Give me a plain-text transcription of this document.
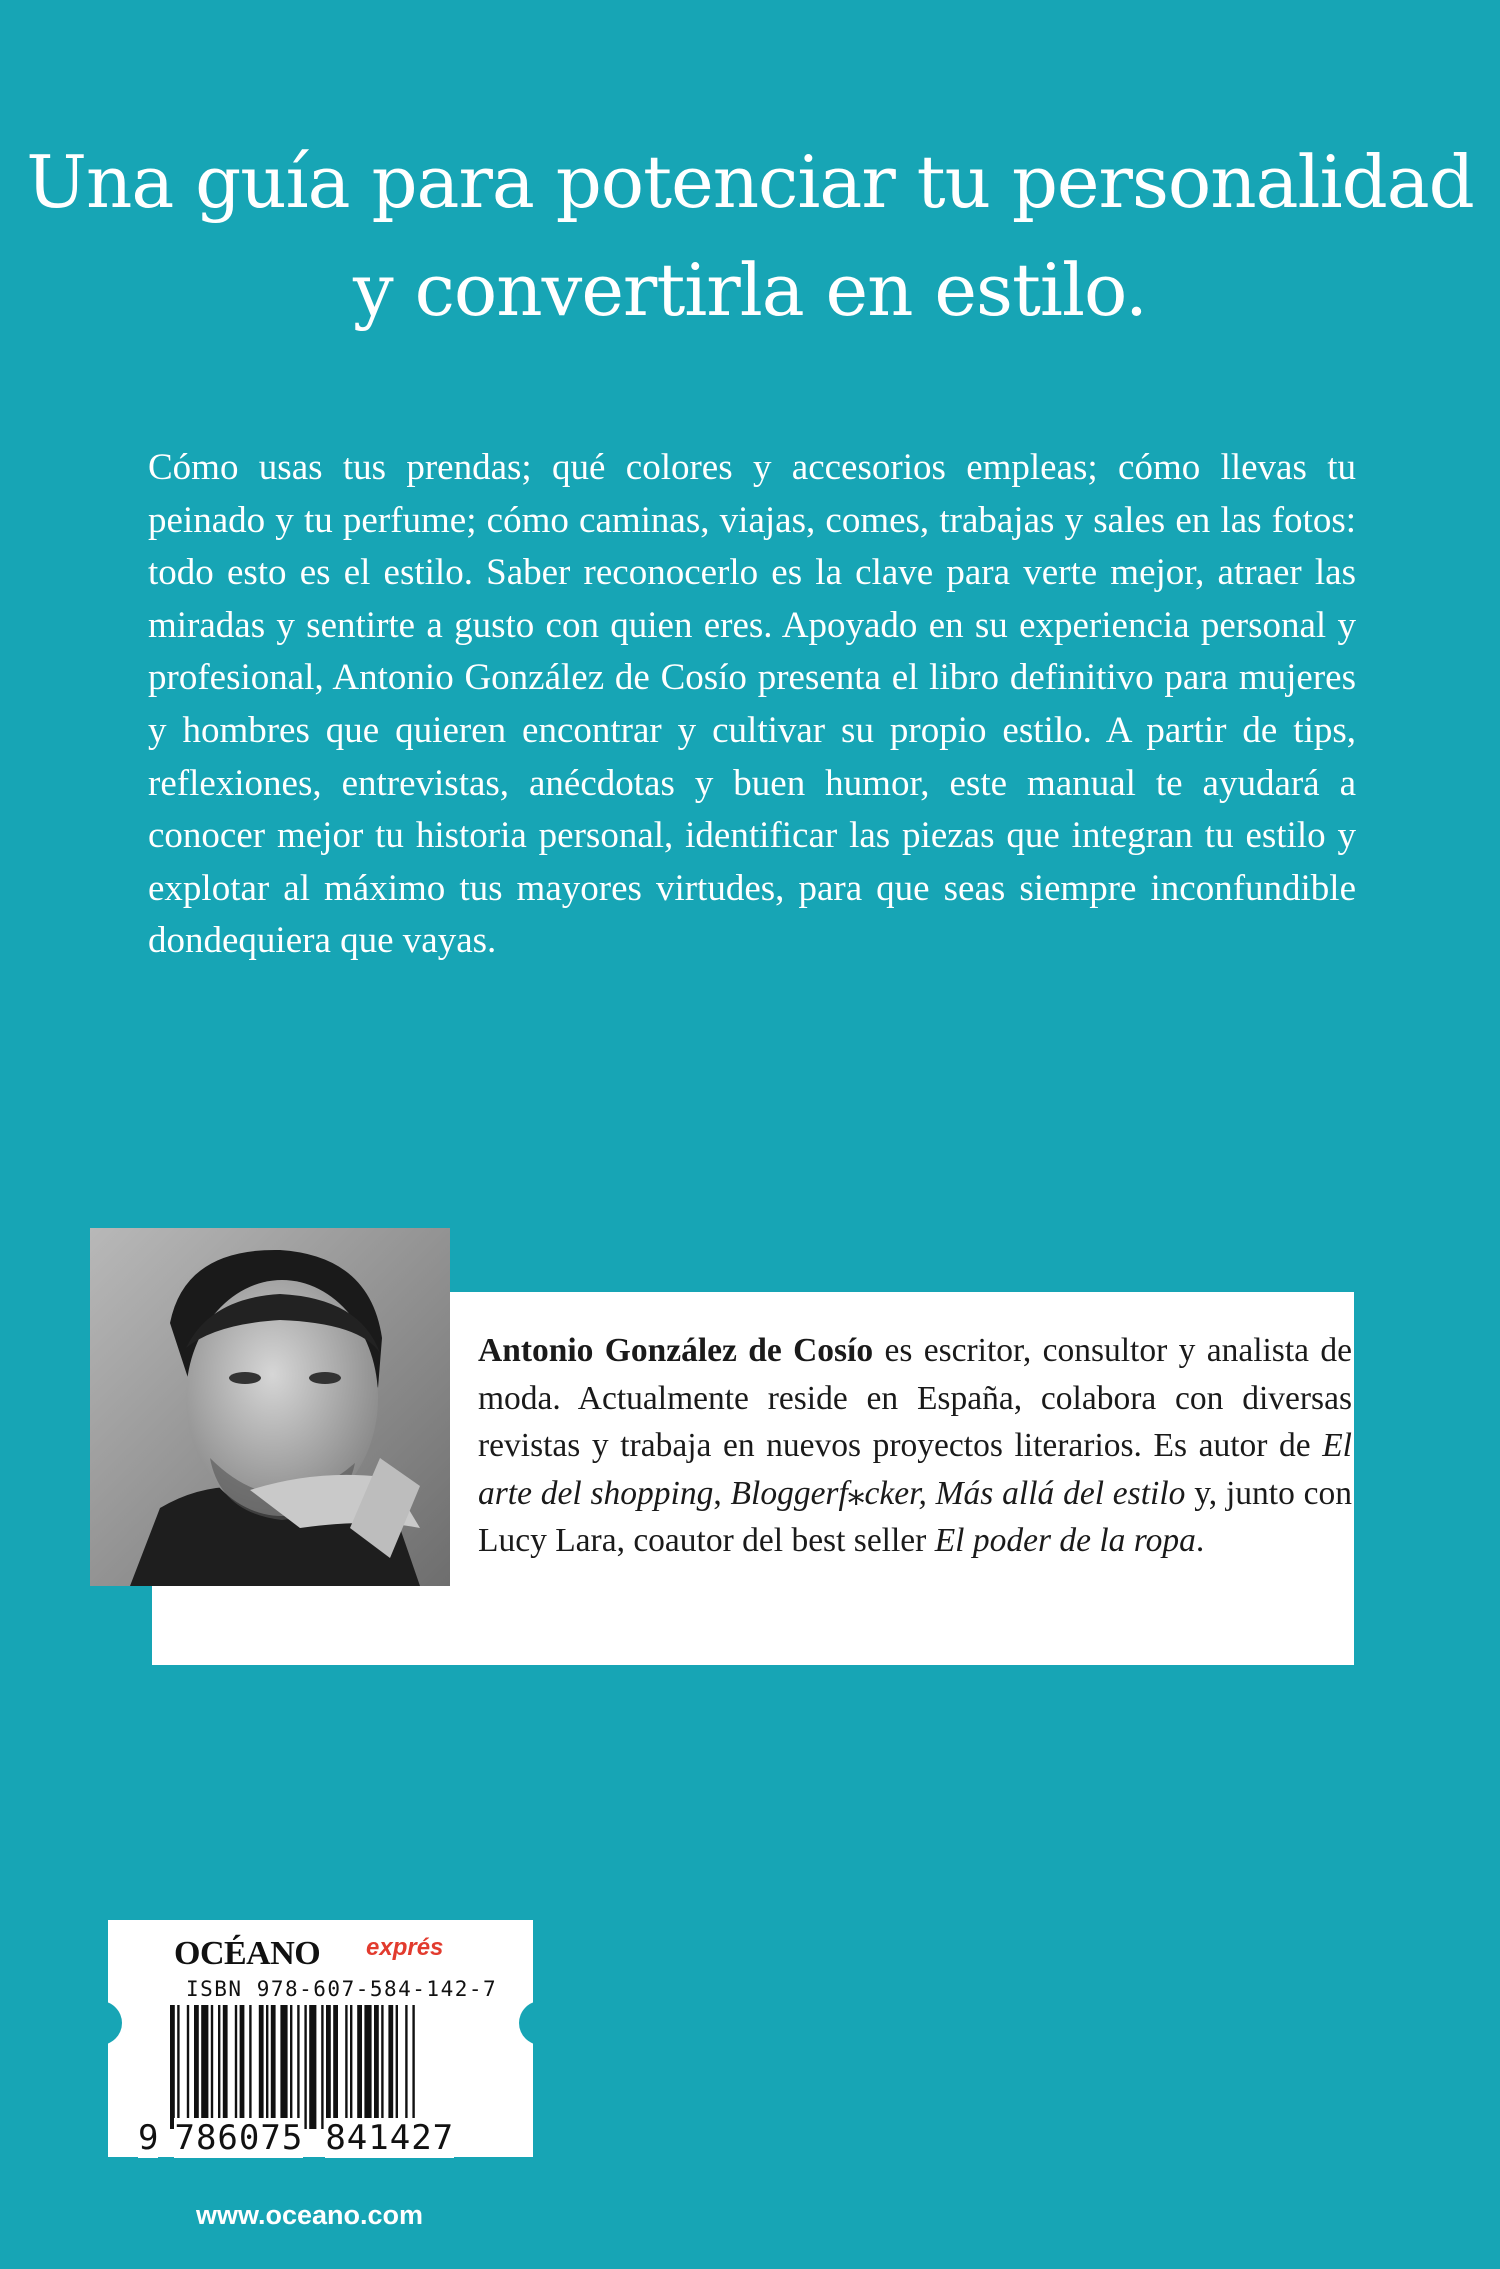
Una guía para potenciar tu personalidad
y convertirla en estilo.

Cómo usas tus prendas; qué colores y accesorios empleas; cómo llevas tu peinado y tu perfume; cómo caminas, viajas, comes, trabajas y sales en las fotos: todo esto es el estilo. Saber reconocerlo es la clave para verte mejor, atraer las miradas y sentirte a gusto con quien eres. Apoyado en su experiencia personal y profesional, Antonio González de Cosío presenta el libro definitivo para mujeres y hombres que quieren encontrar y cultivar su propio estilo. A partir de tips, reflexiones, entrevistas, anécdotas y buen humor, este manual te ayudará a conocer mejor tu historia personal, identificar las piezas que integran tu estilo y explotar al máximo tus mayores virtudes, para que seas siempre inconfundible dondequiera que vayas.

Antonio González de Cosío es escritor, consultor y analista de moda. Actualmente reside en España, colabora con diversas revistas y trabaja en nuevos proyectos literarios. Es autor de El arte del shopping, Bloggerf⁎cker, Más allá del estilo y, junto con Lucy Lara, coautor del best seller El poder de la ropa.

OCÉANO exprés
ISBN 978-607-584-142-7
9 786075 841427
www.oceano.com
